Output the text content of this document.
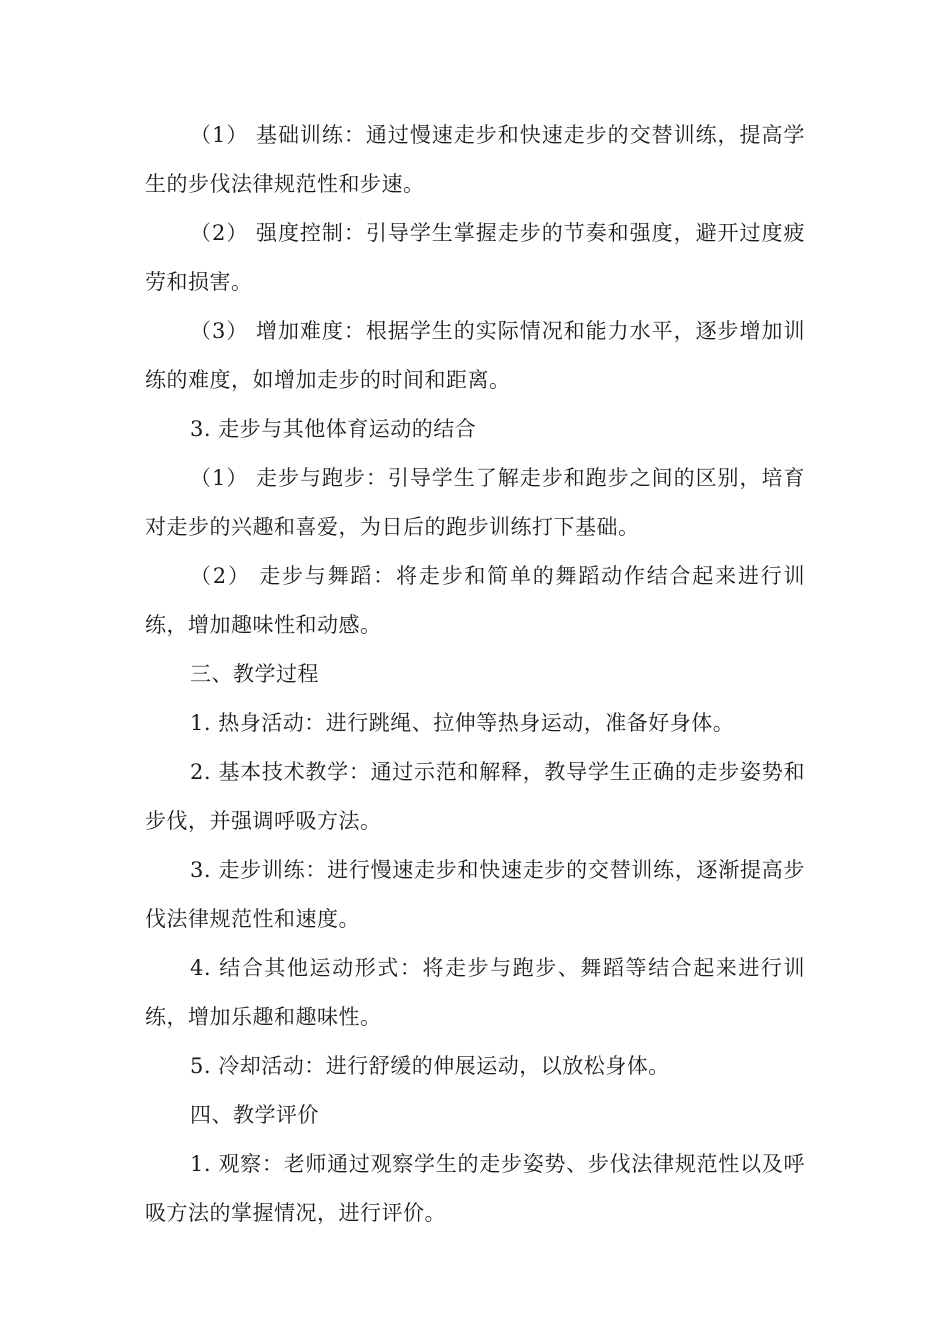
（1） 基础训练：通过慢速走步和快速走步的交替训练，提高学生的步伐法律规范性和步速。

（2） 强度控制：引导学生掌握走步的节奏和强度，避开过度疲劳和损害。

（3） 增加难度：根据学生的实际情况和能力水平，逐步增加训练的难度，如增加走步的时间和距离。

3. 走步与其他体育运动的结合

（1） 走步与跑步：引导学生了解走步和跑步之间的区别，培育对走步的兴趣和喜爱，为日后的跑步训练打下基础。

（2） 走步与舞蹈：将走步和简单的舞蹈动作结合起来进行训练，增加趣味性和动感。

三、教学过程

1. 热身活动：进行跳绳、拉伸等热身运动，准备好身体。

2. 基本技术教学：通过示范和解释，教导学生正确的走步姿势和步伐，并强调呼吸方法。

3. 走步训练：进行慢速走步和快速走步的交替训练，逐渐提高步伐法律规范性和速度。

4. 结合其他运动形式：将走步与跑步、舞蹈等结合起来进行训练，增加乐趣和趣味性。

5. 冷却活动：进行舒缓的伸展运动，以放松身体。

四、教学评价

1. 观察：老师通过观察学生的走步姿势、步伐法律规范性以及呼吸方法的掌握情况，进行评价。
